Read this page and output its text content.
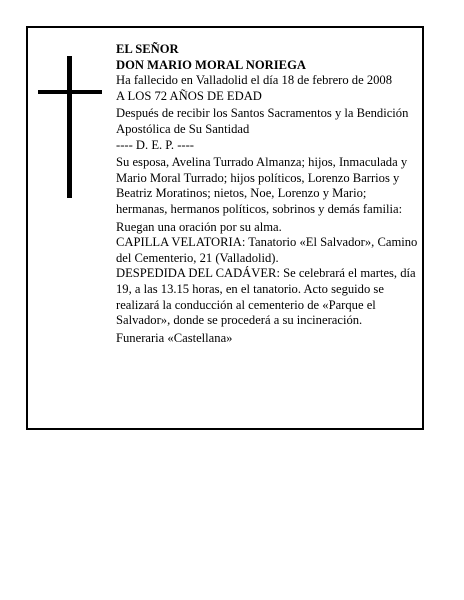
EL SEÑOR

DON MARIO MORAL NORIEGA

Ha fallecido en Valladolid el día 18 de febrero de 2008

A LOS 72 AÑOS DE EDAD

Después de recibir los Santos Sacramentos y la Bendición Apostólica de Su Santidad

---- D. E. P. ----

Su esposa, Avelina Turrado Almanza; hijos, Inmaculada y Mario Moral Turrado; hijos políticos, Lorenzo Barrios y Beatriz Moratinos; nietos, Noe, Lorenzo y Mario; hermanas, hermanos políticos, sobrinos y demás familia:

Ruegan una oración por su alma.

CAPILLA VELATORIA: Tanatorio «El Salvador», Camino del Cementerio, 21 (Valladolid).

DESPEDIDA DEL CADÁVER: Se celebrará el martes, día 19, a las 13.15 horas, en el tanatorio. Acto seguido se realizará la conducción al cementerio de «Parque el Salvador», donde se procederá a su incineración.

Funeraria «Castellana»
